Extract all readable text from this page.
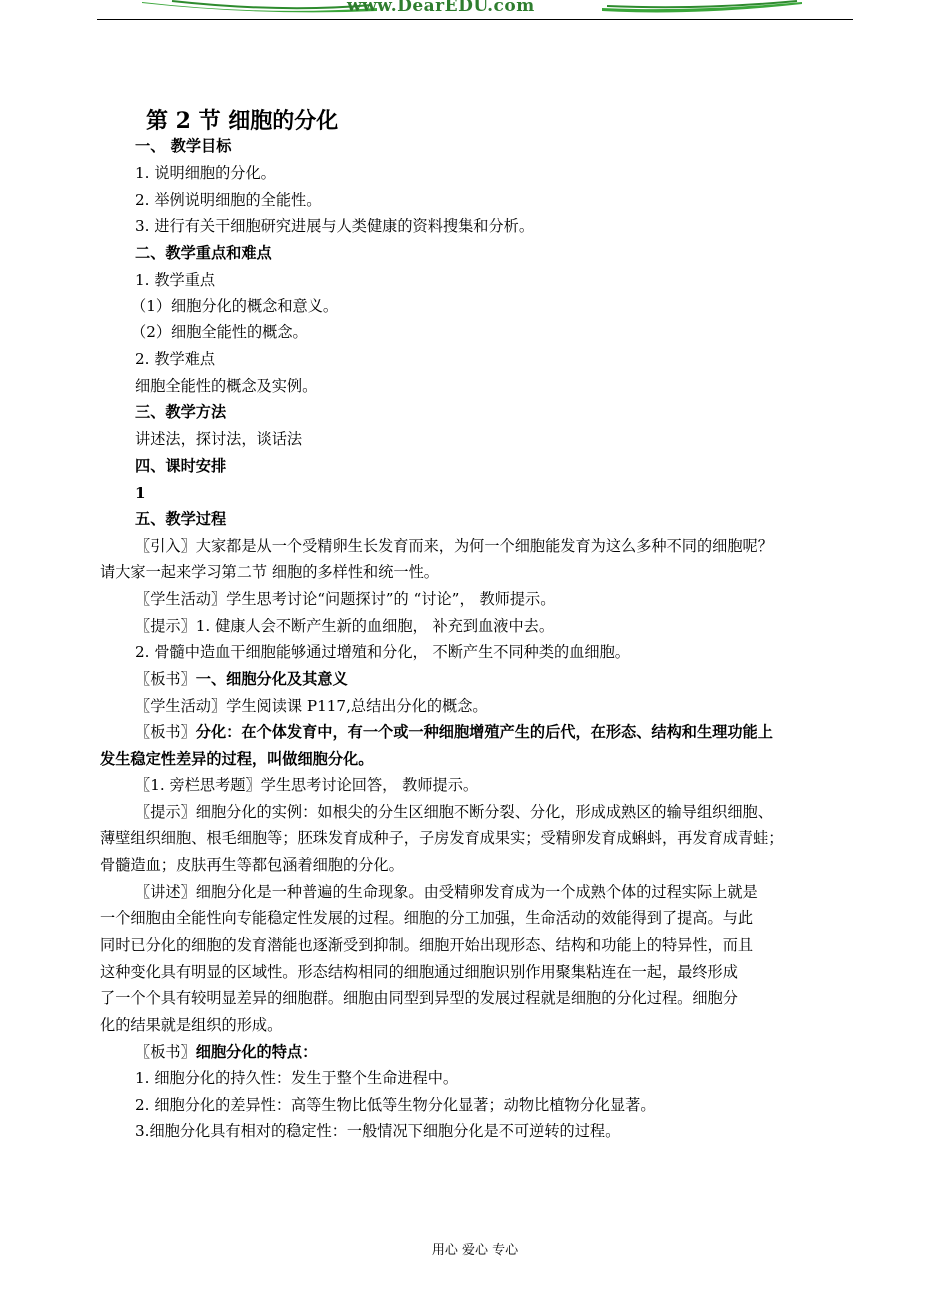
www.DearEDU.com
第 2 节 细胞的分化
一、 教学目标
1. 说明细胞的分化。
2. 举例说明细胞的全能性。
3. 进行有关干细胞研究进展与人类健康的资料搜集和分析。
二、教学重点和难点
1. 教学重点
（1）细胞分化的概念和意义。
（2）细胞全能性的概念。
2. 教学难点
细胞全能性的概念及实例。
三、教学方法
讲述法，探讨法，谈话法
四、课时安排
1
五、教学过程
〖引入〗大家都是从一个受精卵生长发育而来，为何一个细胞能发育为这么多种不同的细胞呢？
请大家一起来学习第二节 细胞的多样性和统一性。
〖学生活动〗学生思考讨论“问题探讨”的 “讨论”， 教师提示。
〖提示〗1. 健康人会不断产生新的血细胞， 补充到血液中去。
2. 骨髓中造血干细胞能够通过增殖和分化， 不断产生不同种类的血细胞。
〖板书〗一、细胞分化及其意义
〖学生活动〗学生阅读课 P117,总结出分化的概念。
〖板书〗分化：在个体发育中，有一个或一种细胞增殖产生的后代，在形态、结构和生理功能上
发生稳定性差异的过程，叫做细胞分化。
〖1. 旁栏思考题〗学生思考讨论回答， 教师提示。
〖提示〗细胞分化的实例：如根尖的分生区细胞不断分裂、分化，形成成熟区的输导组织细胞、
薄壁组织细胞、根毛细胞等；胚珠发育成种子，子房发育成果实；受精卵发育成蝌蚪，再发育成青蛙；
骨髓造血；皮肤再生等都包涵着细胞的分化。
〖讲述〗细胞分化是一种普遍的生命现象。由受精卵发育成为一个成熟个体的过程实际上就是
一个细胞由全能性向专能稳定性发展的过程。细胞的分工加强，生命活动的效能得到了提高。与此
同时已分化的细胞的发育潜能也逐渐受到抑制。细胞开始出现形态、结构和功能上的特异性，而且
这种变化具有明显的区域性。形态结构相同的细胞通过细胞识别作用聚集粘连在一起，最终形成
了一个个具有较明显差异的细胞群。细胞由同型到异型的发展过程就是细胞的分化过程。细胞分
化的结果就是组织的形成。
〖板书〗细胞分化的特点：
1. 细胞分化的持久性：发生于整个生命进程中。
2. 细胞分化的差异性：高等生物比低等生物分化显著；动物比植物分化显著。
3.细胞分化具有相对的稳定性：一般情况下细胞分化是不可逆转的过程。
用心 爱心 专心
